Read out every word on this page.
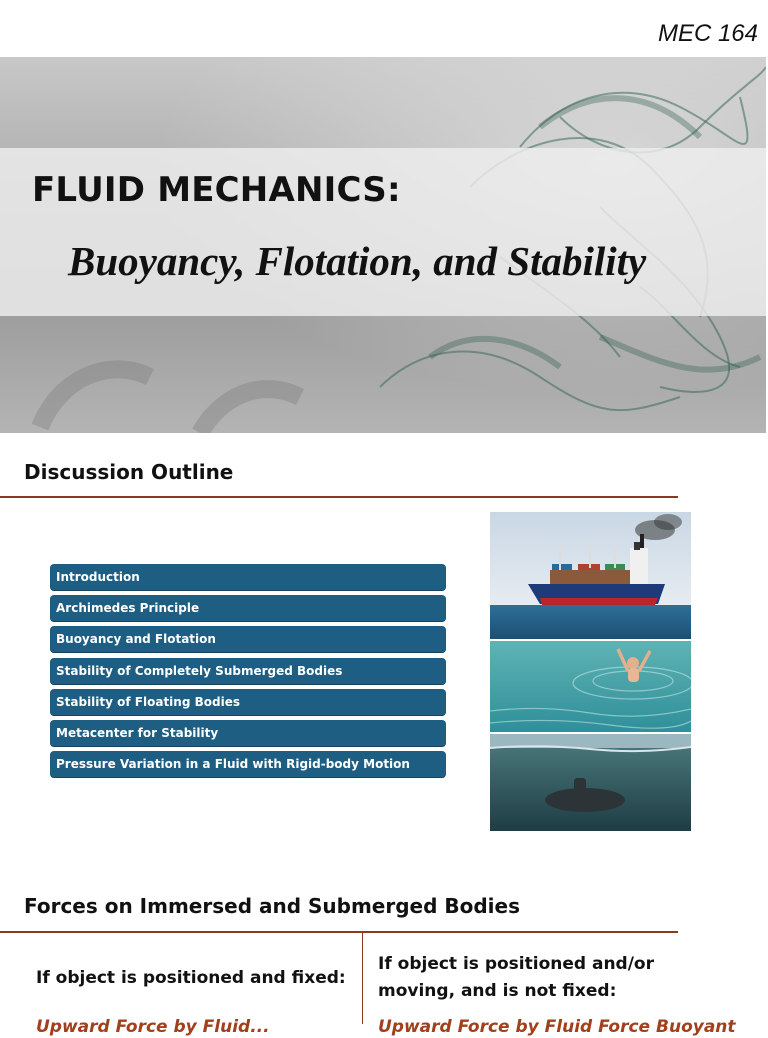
MEC 164
FLUID MECHANICS:
Buoyancy, Flotation, and Stability
Discussion Outline
Introduction
Archimedes Principle
Buoyancy and Flotation
Stability of Completely Submerged Bodies
Stability of Floating Bodies
Metacenter for Stability
Pressure Variation in a Fluid with Rigid-body Motion
Forces on Immersed and Submerged Bodies
If object is positioned and fixed:
Upward Force by Fluid...
If object is positioned and/or
moving, and is not fixed:
Upward Force by Fluid Force Buoyant
